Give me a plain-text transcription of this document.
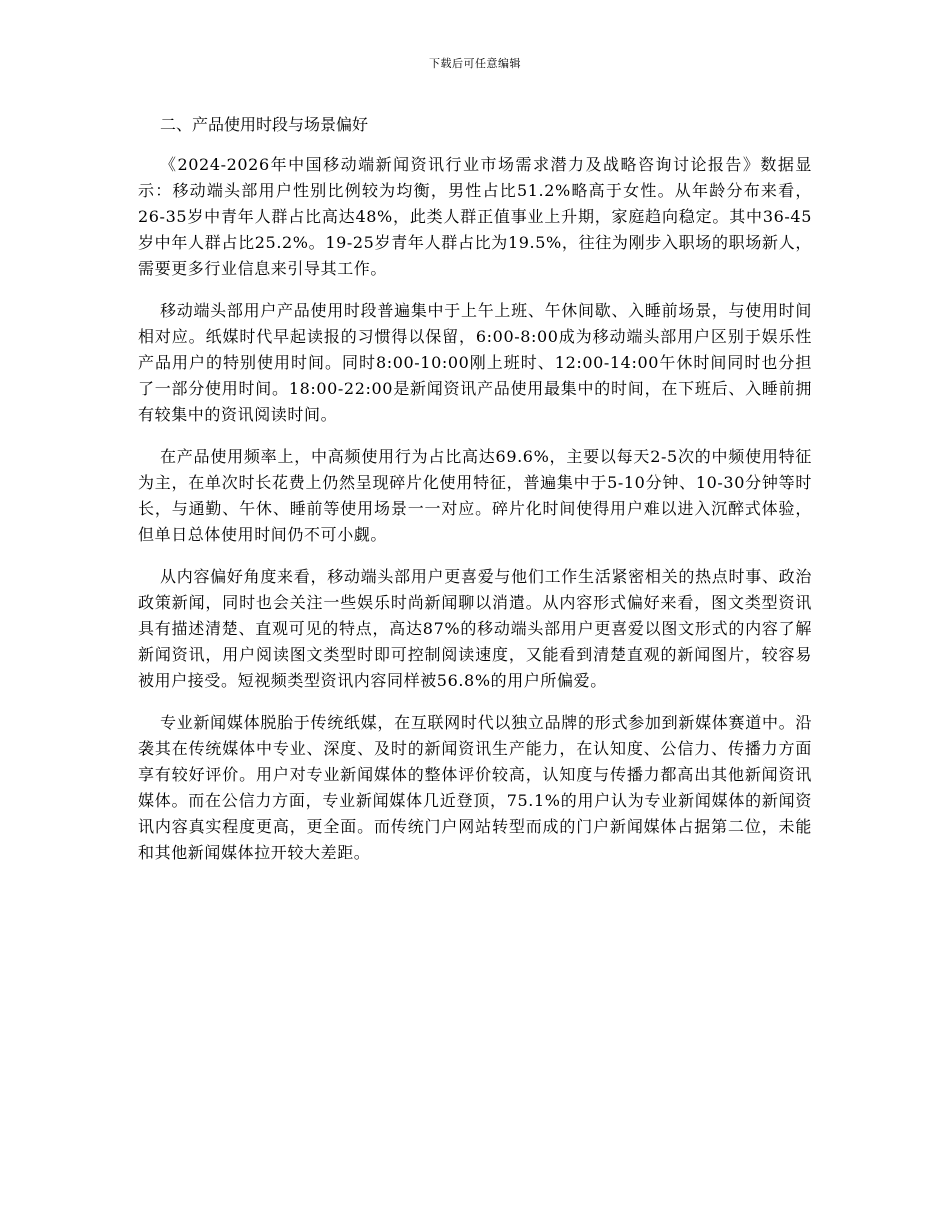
下载后可任意编辑
二、产品使用时段与场景偏好

《2024-2026年中国移动端新闻资讯行业市场需求潜力及战略咨询讨论报告》数据显示：移动端头部用户性别比例较为均衡，男性占比51.2%略高于女性。从年龄分布来看，26-35岁中青年人群占比高达48%，此类人群正值事业上升期，家庭趋向稳定。其中36-45岁中年人群占比25.2%。19-25岁青年人群占比为19.5%，往往为刚步入职场的职场新人，需要更多行业信息来引导其工作。

移动端头部用户产品使用时段普遍集中于上午上班、午休间歇、入睡前场景，与使用时间相对应。纸媒时代早起读报的习惯得以保留，6:00-8:00成为移动端头部用户区别于娱乐性产品用户的特别使用时间。同时8:00-10:00刚上班时、12:00-14:00午休时间同时也分担了一部分使用时间。18:00-22:00是新闻资讯产品使用最集中的时间，在下班后、入睡前拥有较集中的资讯阅读时间。

在产品使用频率上，中高频使用行为占比高达69.6%，主要以每天2-5次的中频使用特征为主，在单次时长花费上仍然呈现碎片化使用特征，普遍集中于5-10分钟、10-30分钟等时长，与通勤、午休、睡前等使用场景一一对应。碎片化时间使得用户难以进入沉醉式体验，但单日总体使用时间仍不可小觑。

从内容偏好角度来看，移动端头部用户更喜爱与他们工作生活紧密相关的热点时事、政治政策新闻，同时也会关注一些娱乐时尚新闻聊以消遣。从内容形式偏好来看，图文类型资讯具有描述清楚、直观可见的特点，高达87%的移动端头部用户更喜爱以图文形式的内容了解新闻资讯，用户阅读图文类型时即可控制阅读速度，又能看到清楚直观的新闻图片，较容易被用户接受。短视频类型资讯内容同样被56.8%的用户所偏爱。

专业新闻媒体脱胎于传统纸媒，在互联网时代以独立品牌的形式参加到新媒体赛道中。沿袭其在传统媒体中专业、深度、及时的新闻资讯生产能力，在认知度、公信力、传播力方面享有较好评价。用户对专业新闻媒体的整体评价较高，认知度与传播力都高出其他新闻资讯媒体。而在公信力方面，专业新闻媒体几近登顶，75.1%的用户认为专业新闻媒体的新闻资讯内容真实程度更高，更全面。而传统门户网站转型而成的门户新闻媒体占据第二位，未能和其他新闻媒体拉开较大差距。
